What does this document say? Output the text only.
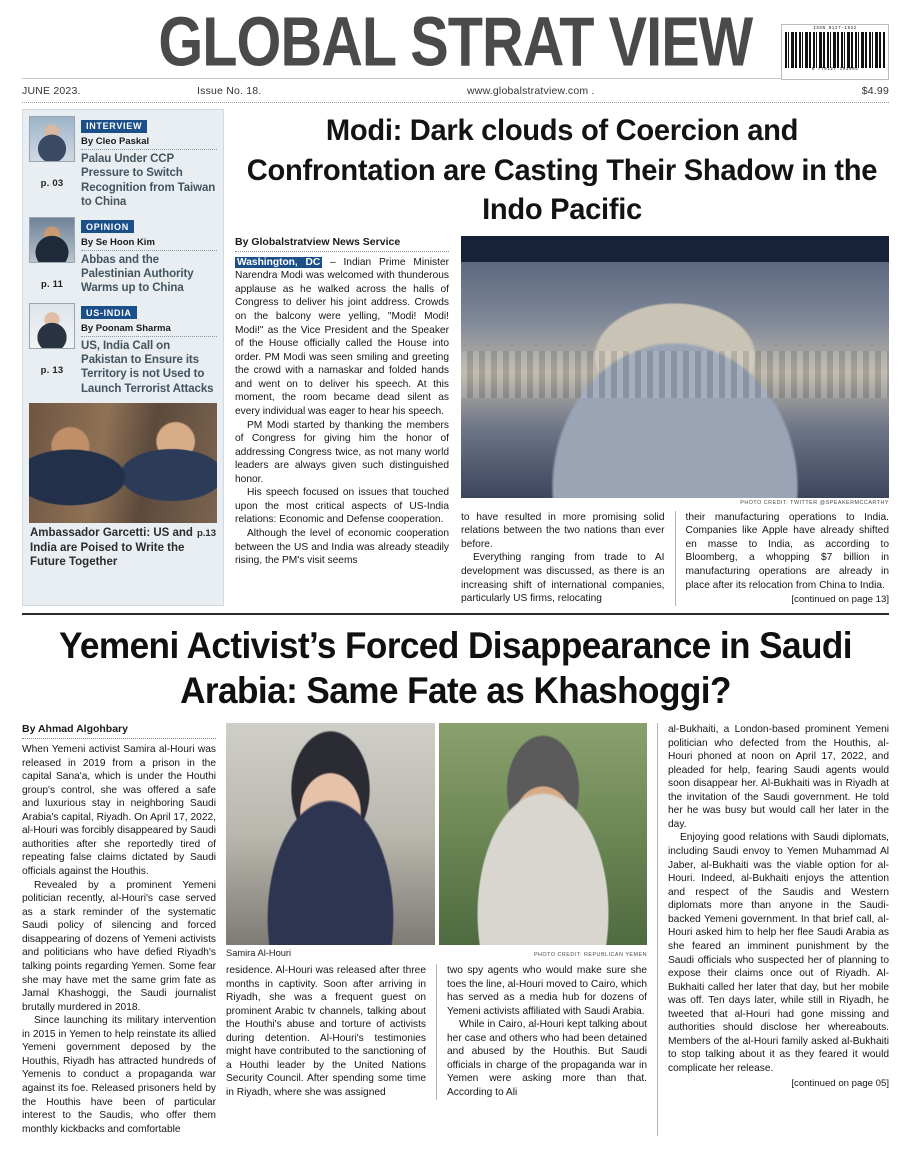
GLOBAL STRAT VIEW	ISSN 0127-1932
9 770127 193005
JUNE 2023.	Issue No. 18.	www.globalstratview.com .	$4.99
p. 03
INTERVIEW
By Cleo Paskal
Palau Under CCP Pressure to Switch Recognition from Taiwan to China
p. 11
OPINION
By Se Hoon Kim
Abbas and the Palestinian Authority Warms up to China
p. 13
US-INDIA
By Poonam Sharma
US, India Call on Pakistan to Ensure its Territory is not Used to Launch Terrorist Attacks
p.13
Ambassador Garcetti: US and India are Poised to Write the Future Together
Modi: Dark clouds of Coercion and Confrontation are Casting Their Shadow in the Indo Pacific
By Globalstratview News Service

Washington, DC – Indian Prime Minister Narendra Modi was welcomed with thunderous applause as he walked across the halls of Congress to deliver his joint address. Crowds on the balcony were yelling, "Modi! Modi! Modi!" as the Vice President and the Speaker of the House officially called the House into order. PM Modi was seen smiling and greeting the crowd with a namaskar and folded hands and went on to deliver his speech. At this moment, the room became dead silent as every individual was eager to hear his speech.

PM Modi started by thanking the members of Congress for giving him the honor of addressing Congress twice, as not many world leaders are always given such distinguished honor.

His speech focused on issues that touched upon the most critical aspects of US-India relations: Economic and Defense cooperation.

Although the level of economic cooperation between the US and India was already steadily rising, the PM's visit seems

PHOTO CREDIT: TWITTER @SPEAKERMCCARTHY

to have resulted in more promising solid relations between the two nations than ever before.

Everything ranging from trade to AI development was discussed, as there is an increasing shift of international companies, particularly US firms, relocating

their manufacturing operations to India. Companies like Apple have already shifted en masse to India, as according to Bloomberg, a whopping $7 billion in manufacturing operations are already in place after its relocation from China to India.

[continued on page 13]
Yemeni Activist’s Forced Disappearance in Saudi Arabia: Same Fate as Khashoggi?
By Ahmad Algohbary

When Yemeni activist Samira al-Houri was released in 2019 from a prison in the capital Sana'a, which is under the Houthi group's control, she was offered a safe and luxurious stay in neighboring Saudi Arabia's capital, Riyadh. On April 17, 2022, al-Houri was forcibly disappeared by Saudi authorities after she reportedly tired of repeating false claims dictated by Saudi officials against the Houthis.

Revealed by a prominent Yemeni politician recently, al-Houri's case served as a stark reminder of the systematic Saudi policy of silencing and forced disappearing of dozens of Yemeni activists and politicians who have defied Riyadh's talking points regarding Yemen. Some fear she may have met the same grim fate as Jamal Khashoggi, the Saudi journalist brutally murdered in 2018.

Since launching its military intervention in 2015 in Yemen to help reinstate its allied Yemeni government deposed by the Houthis, Riyadh has attracted hundreds of Yemenis to conduct a propaganda war against its foe. Released prisoners held by the Houthis have been of particular interest to the Saudis, who offer them monthly kickbacks and comfortable

Samira Al-Houri	PHOTO CREDIT: REPUBLICAN YEMEN

residence. Al-Houri was released after three months in captivity. Soon after arriving in Riyadh, she was a frequent guest on prominent Arabic tv channels, talking about the Houthi's abuse and torture of activists during detention. Al-Houri's testimonies might have contributed to the sanctioning of a Houthi leader by the United Nations Security Council. After spending some time in Riyadh, where she was assigned

two spy agents who would make sure she toes the line, al-Houri moved to Cairo, which has served as a media hub for dozens of Yemeni activists affiliated with Saudi Arabia.

While in Cairo, al-Houri kept talking about her case and others who had been detained and abused by the Houthis. But Saudi officials in charge of the propaganda war in Yemen were asking more than that. According to Ali

al-Bukhaiti, a London-based prominent Yemeni politician who defected from the Houthis, al-Houri phoned at noon on April 17, 2022, and pleaded for help, fearing Saudi agents would soon disappear her. Al-Bukhaiti was in Riyadh at the invitation of the Saudi government. He told her he was busy but would call her later in the day.

Enjoying good relations with Saudi diplomats, including Saudi envoy to Yemen Muhammad Al Jaber, al-Bukhaiti was the viable option for al-Houri. Indeed, al-Bukhaiti enjoys the attention and respect of the Saudis and Western diplomats more than anyone in the Saudi-backed Yemeni government. In that brief call, al-Houri asked him to help her flee Saudi Arabia as she feared an imminent punishment by the Saudi officials who suspected her of planning to expose their claims once out of Riyadh. Al-Bukhaiti called her later that day, but her mobile was off. Ten days later, while still in Riyadh, he tweeted that al-Houri had gone missing and authorities should disclose her whereabouts. Members of the al-Houri family asked al-Bukhaiti to stop talking about it as they feared it would complicate her release.

[continued on page 05]
